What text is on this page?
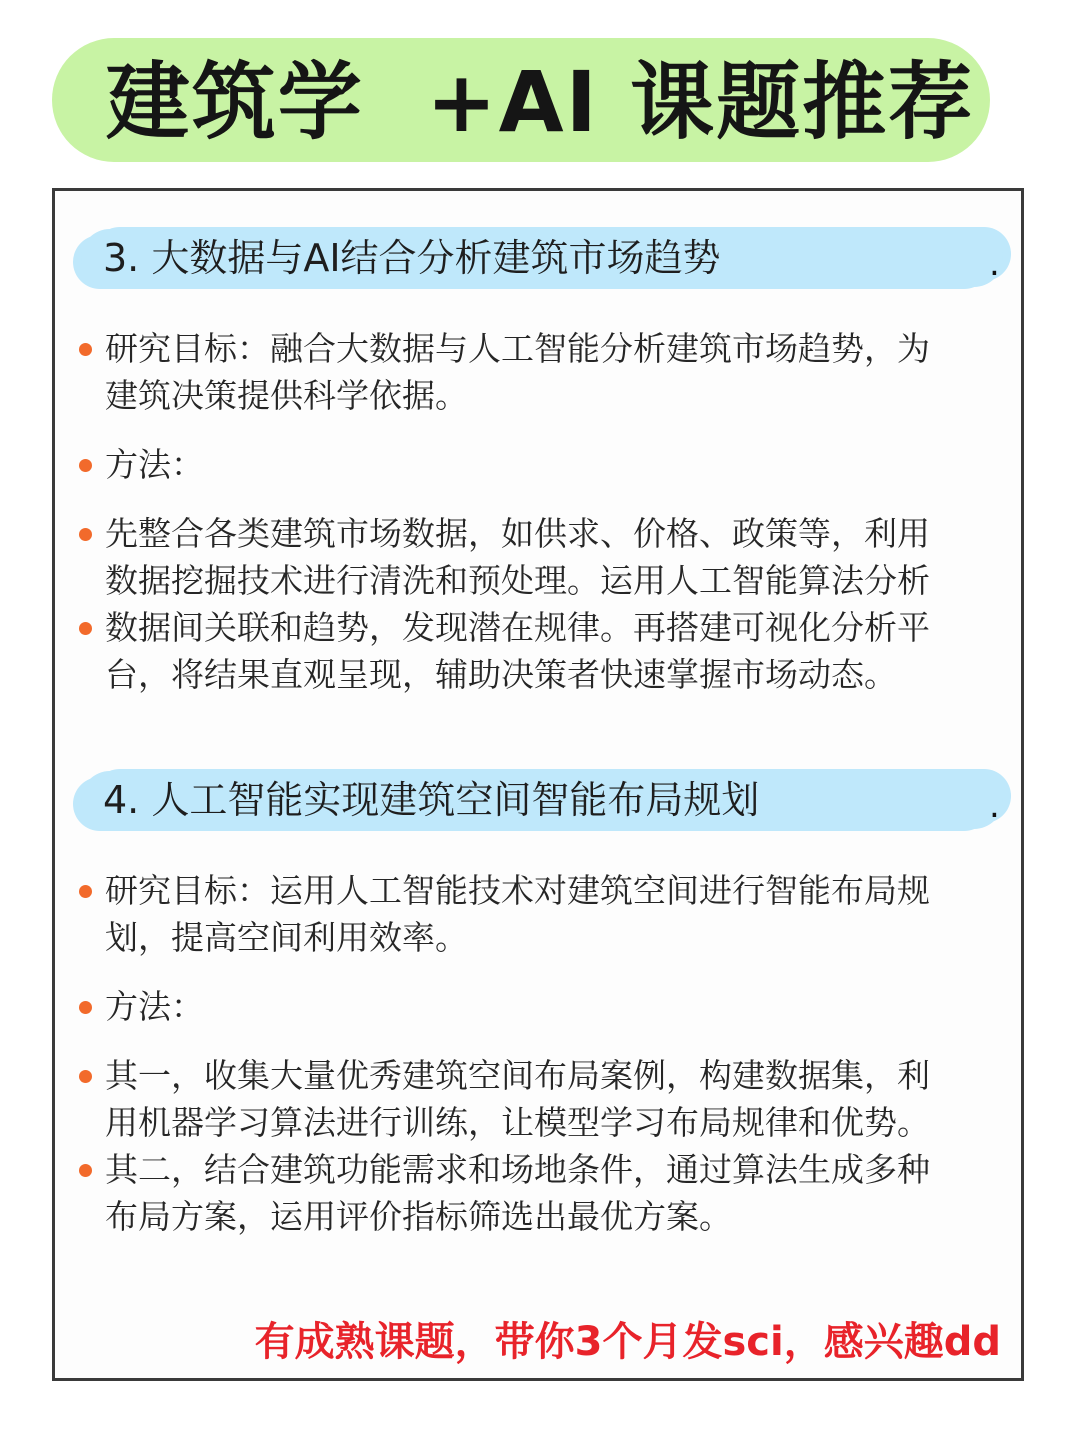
建筑学  +AI 课题推荐
3. 大数据与AI结合分析建筑市场趋势	.
研究目标：融合大数据与人工智能分析建筑市场趋势，为
建筑决策提供科学依据。
方法：
先整合各类建筑市场数据，如供求、价格、政策等，利用
数据挖掘技术进行清洗和预处理。运用人工智能算法分析
数据间关联和趋势，发现潜在规律。再搭建可视化分析平
台，将结果直观呈现，辅助决策者快速掌握市场动态。
4. 人工智能实现建筑空间智能布局规划	.
研究目标：运用人工智能技术对建筑空间进行智能布局规
划，提高空间利用效率。
方法：
其一，收集大量优秀建筑空间布局案例，构建数据集，利
用机器学习算法进行训练，让模型学习布局规律和优势。
其二，结合建筑功能需求和场地条件，通过算法生成多种
布局方案，运用评价指标筛选出最优方案。
有成熟课题，带你3个月发sci，感兴趣dd
